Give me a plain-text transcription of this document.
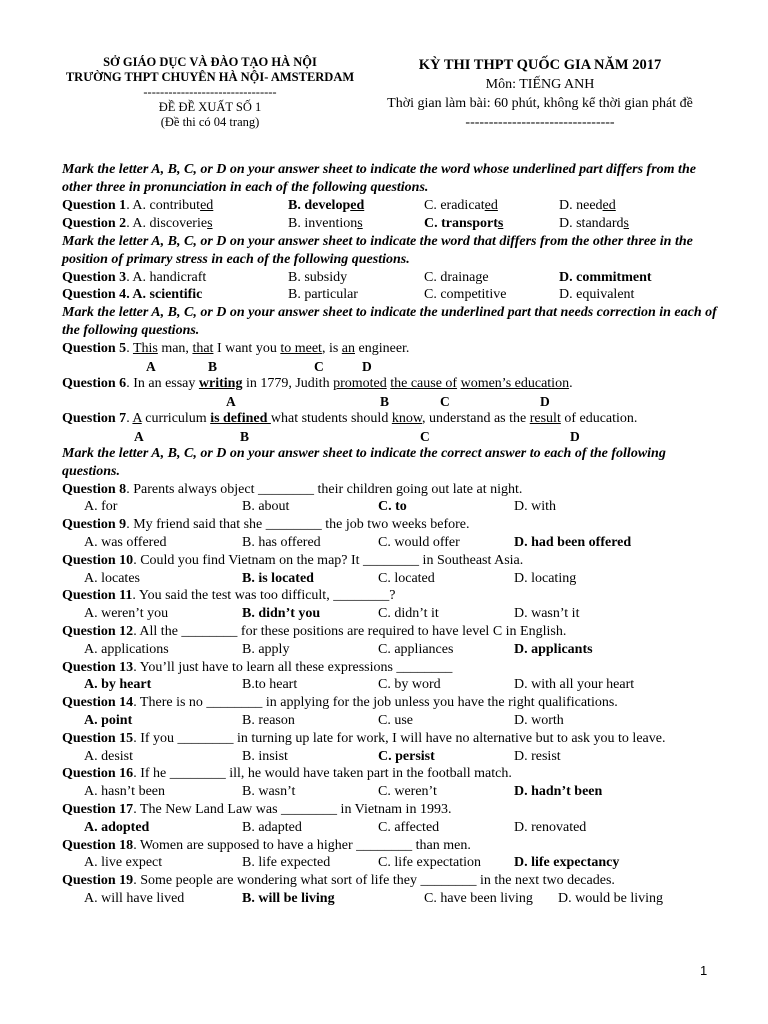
SỞ GIÁO DỤC VÀ ĐÀO TẠO HÀ NỘI
TRƯỜNG THPT CHUYÊN HÀ NỘI- AMSTERDAM
--------------------------------
ĐỀ ĐỀ XUẤT SỐ 1
(Đề thi có 04 trang)
KỲ THI THPT QUỐC GIA NĂM 2017
Môn: TIẾNG ANH
Thời gian làm bài: 60 phút, không kể thời gian phát đề
--------------------------------

Mark the letter A, B, C, or D on your answer sheet to indicate the word whose underlined part differs from the other three in pronunciation in each of the following questions.

Question 1. A. contributed	B. developed	C. eradicated	D. needed
Question 2. A. discoveries	B. inventions	C. transports	D. standards

Mark the letter A, B, C, or D on your answer sheet to indicate the word that differs from the other three in the position of primary stress in each of the following questions.

Question 3. A. handicraft	B. subsidy	C. drainage	D. commitment
Question 4. A. scientific	B. particular	C. competitive	D. equivalent

Mark the letter A, B, C, or D on your answer sheet to indicate the underlined part that needs correction in each of the following questions.

Question 5. This man, that I want you to meet, is an engineer.
A	B	C	D
Question 6. In an essay writing in 1779, Judith promoted the cause of women’s education.
A	B	C	D
Question 7. A curriculum is defined what students should know, understand as the result of education.
A	B	C	D

Mark the letter A, B, C, or D on your answer sheet to indicate the correct answer to each of the following questions.

Question 8. Parents always object ________ their children going out late at night.
A. for	B. about	C. to	D. with
Question 9. My friend said that she ________ the job two weeks before.
A. was offered	B. has offered	C. would offer	D. had been offered
Question 10. Could you find Vietnam on the map? It ________ in Southeast Asia.
A. locates	B. is located	C. located	D. locating
Question 11. You said the test was too difficult, ________?
A. weren’t you	B. didn’t you	C. didn’t it	D. wasn’t it
Question 12. All the ________ for these positions are required to have level C in English.
A. applications	B. apply	C. appliances	D. applicants
Question 13. You’ll just have to learn all these expressions ________
A. by heart	B.to heart	C. by word	D. with all your heart
Question 14. There is no ________ in applying for the job unless you have the right qualifications.
A. point	B. reason	C. use	D. worth
Question 15. If you ________ in turning up late for work, I will have no alternative but to ask you to leave.
A. desist	B. insist	C. persist	D. resist
Question 16. If he ________ ill, he would have taken part in the football match.
A. hasn’t been	B. wasn’t	C. weren’t	D. hadn’t been
Question 17. The New Land Law was ________ in Vietnam in 1993.
A. adopted	B. adapted	C. affected	D. renovated
Question 18. Women are supposed to have a higher ________ than men.
A. live expect	B. life expected	C. life expectation D. life expectancy
Question 19. Some people are wondering what sort of life they ________ in the next two decades.
A. will have lived	B. will be living	C. have been living D. would be living
1
